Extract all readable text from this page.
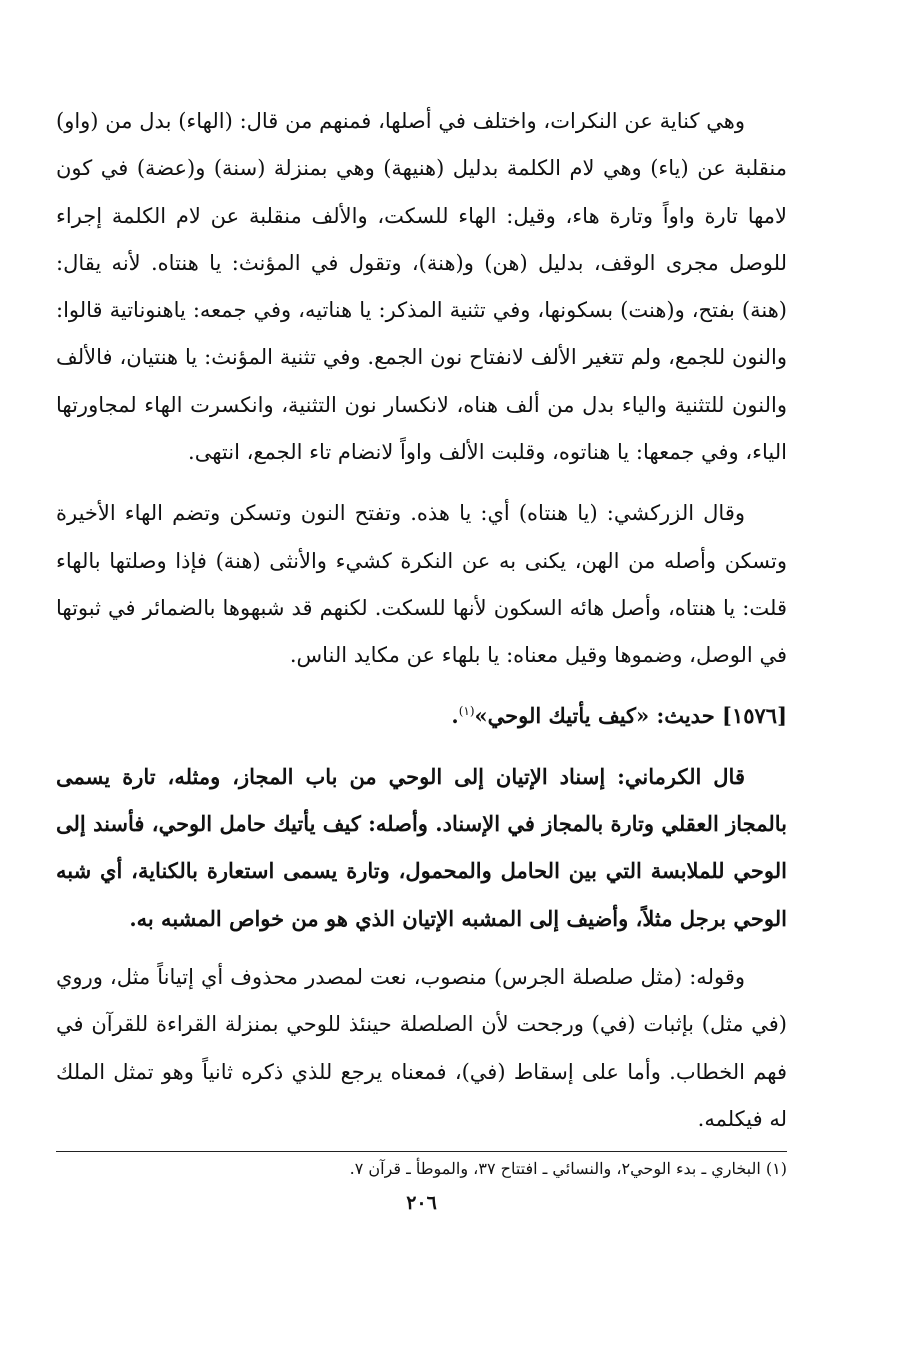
وهي كناية عن النكرات، واختلف في أصلها، فمنهم من قال: (الهاء) بدل من (واو) منقلبة عن (ياء) وهي لام الكلمة بدليل (هنيهة) وهي بمنزلة (سنة) و(عضة) في كون لامها تارة واواً وتارة هاء، وقيل: الهاء للسكت، والألف منقلبة عن لام الكلمة إجراء للوصل مجرى الوقف، بدليل (هن) و(هنة)، وتقول في المؤنث: يا هنتاه. لأنه يقال: (هنة) بفتح، و(هنت) بسكونها، وفي تثنية المذكر: يا هناتيه، وفي جمعه: ياهنوناتية قالوا: والنون للجمع، ولم تتغير الألف لانفتاح نون الجمع. وفي تثنية المؤنث: يا هنتيان، فالألف والنون للتثنية والياء بدل من ألف هناه، لانكسار نون التثنية، وانكسرت الهاء لمجاورتها الياء، وفي جمعها: يا هناتوه، وقلبت الألف واواً لانضام تاء الجمع، انتهى.

وقال الزركشي: (يا هنتاه) أي: يا هذه. وتفتح النون وتسكن وتضم الهاء الأخيرة وتسكن وأصله من الهن، يكنى به عن النكرة كشيء والأنثى (هنة) فإذا وصلتها بالهاء قلت: يا هنتاه، وأصل هائه السكون لأنها للسكت. لكنهم قد شبهوها بالضمائر في ثبوتها في الوصل، وضموها وقيل معناه: يا بلهاء عن مكايد الناس.

[١٥٧٦] حديث: «كيف يأتيك الوحي»$^{(١)}$.

قال الكرماني: إسناد الإتيان إلى الوحي من باب المجاز، ومثله، تارة يسمى بالمجاز العقلي وتارة بالمجاز في الإسناد. وأصله: كيف يأتيك حامل الوحي، فأسند إلى الوحي للملابسة التي بين الحامل والمحمول، وتارة يسمى استعارة بالكناية، أي شبه الوحي برجل مثلاً، وأضيف إلى المشبه الإتيان الذي هو من خواص المشبه به.

وقوله: (مثل صلصلة الجرس) منصوب، نعت لمصدر محذوف أي إتياناً مثل، وروي (في مثل) بإثبات (في) ورجحت لأن الصلصلة حينئذ للوحي بمنزلة القراءة للقرآن في فهم الخطاب. وأما على إسقاط (في)، فمعناه يرجع للذي ذكره ثانياً وهو تمثل الملك له فيكلمه.

(١) البخاري ـ بدء الوحي٢، والنسائي ـ افتتاح ٣٧، والموطأ ـ قرآن ٧.

٢٠٦
